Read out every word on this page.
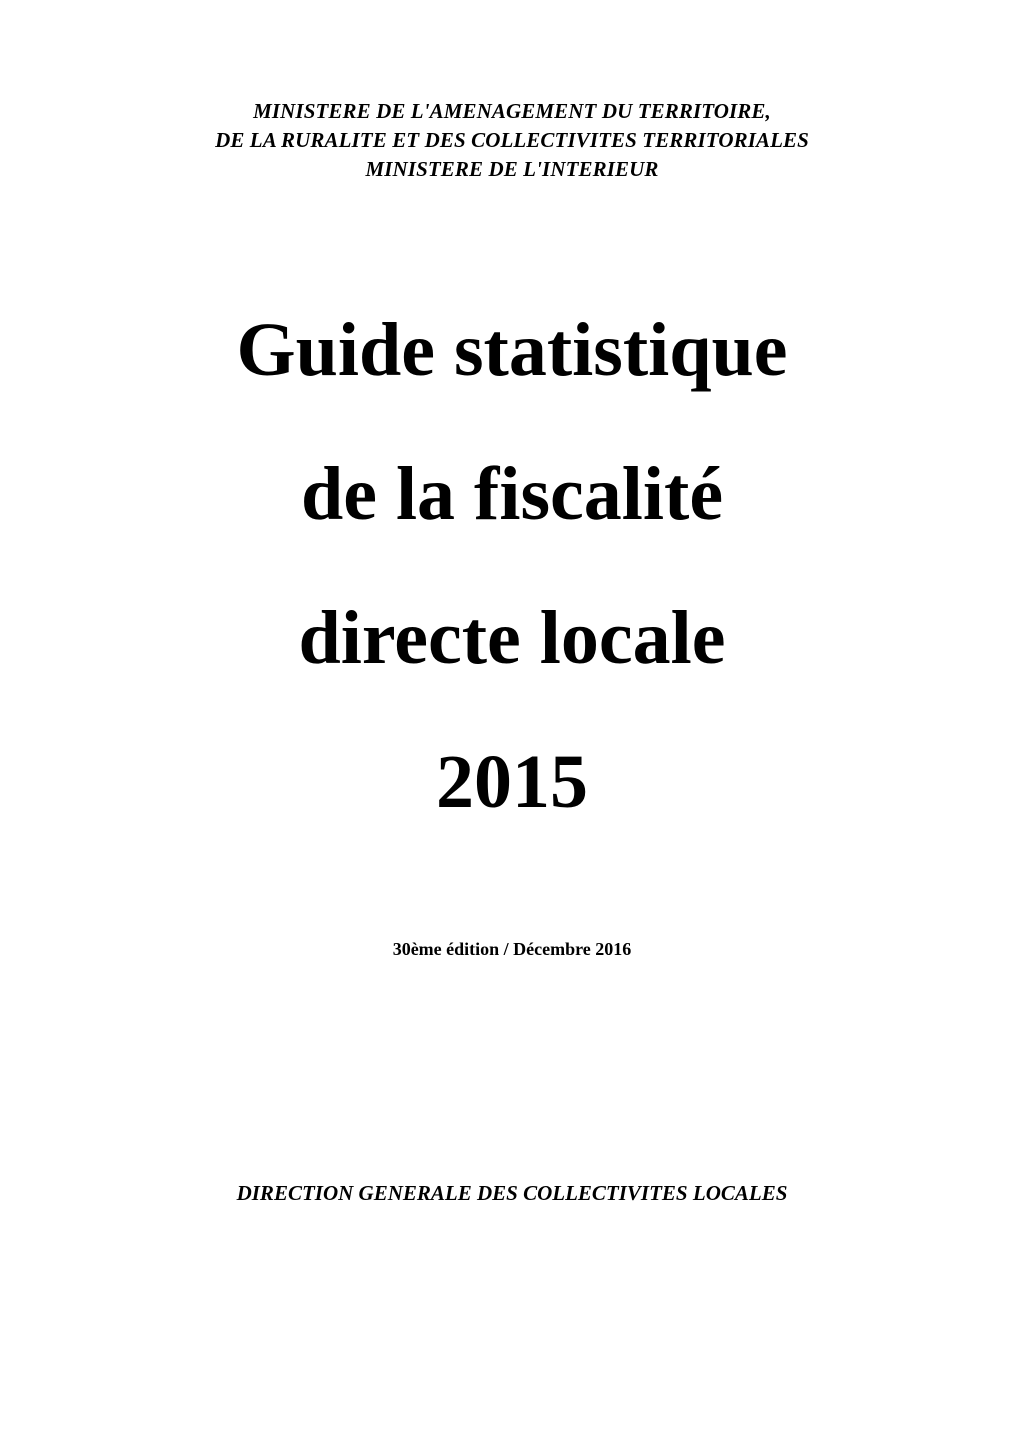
MINISTERE DE L'AMENAGEMENT DU TERRITOIRE,
DE LA RURALITE ET DES COLLECTIVITES TERRITORIALES
MINISTERE DE L'INTERIEUR
Guide statistique
de la fiscalité
directe locale
2015
30ème édition / Décembre 2016
DIRECTION GENERALE DES COLLECTIVITES LOCALES
